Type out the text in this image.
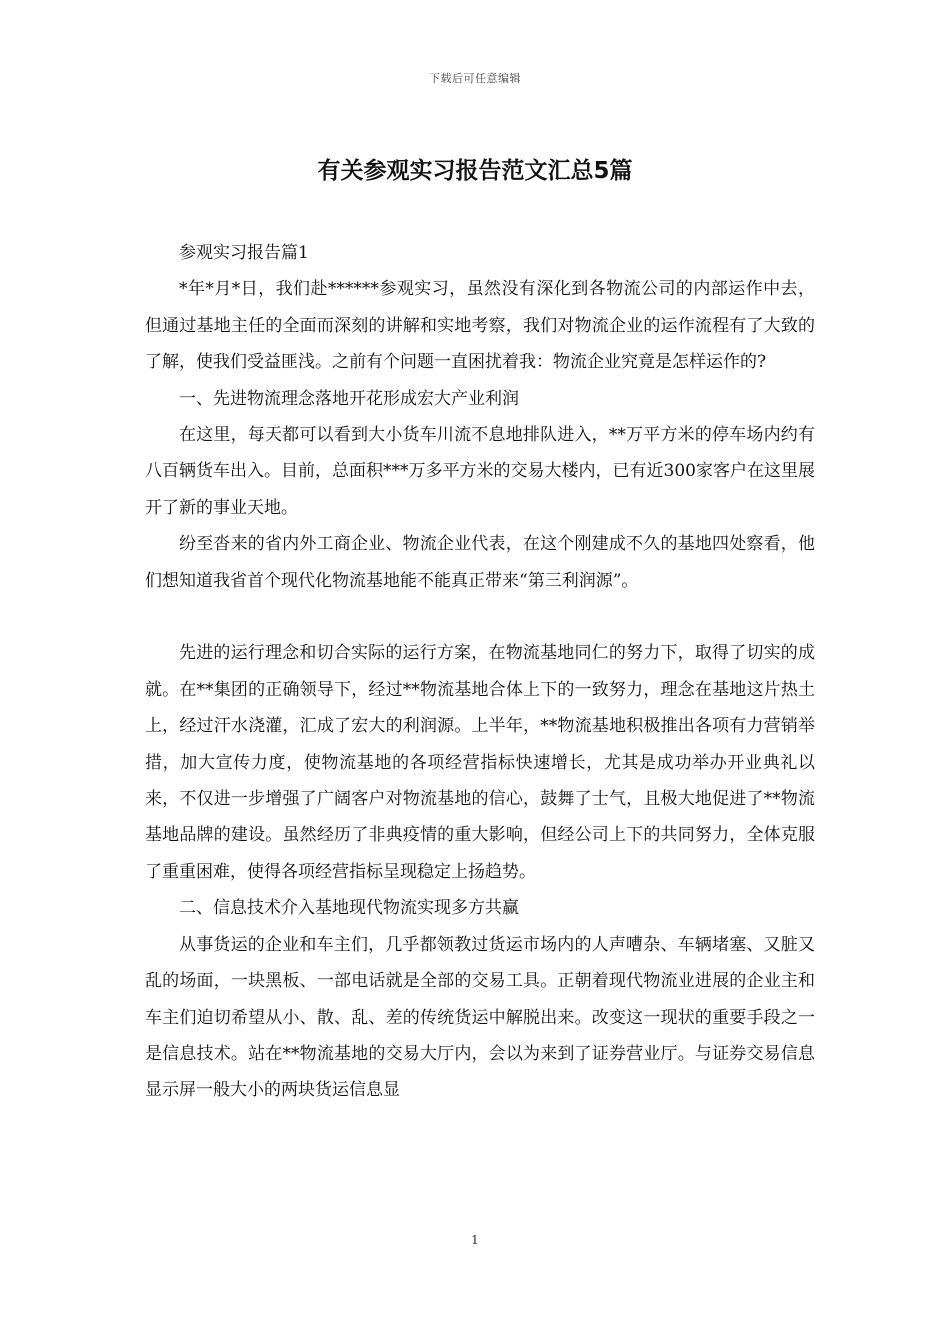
下载后可任意编辑
有关参观实习报告范文汇总5篇

参观实习报告篇1

*年*月*日，我们赴******参观实习，虽然没有深化到各物流公司的内部运作中去，但通过基地主任的全面而深刻的讲解和实地考察，我们对物流企业的运作流程有了大致的了解，使我们受益匪浅。之前有个问题一直困扰着我：物流企业究竟是怎样运作的?

一、先进物流理念落地开花形成宏大产业利润

在这里，每天都可以看到大小货车川流不息地排队进入，**万平方米的停车场内约有八百辆货车出入。目前，总面积***万多平方米的交易大楼内，已有近300家客户在这里展开了新的事业天地。

纷至沓来的省内外工商企业、物流企业代表，在这个刚建成不久的基地四处察看，他们想知道我省首个现代化物流基地能不能真正带来“第三利润源”。

先进的运行理念和切合实际的运行方案，在物流基地同仁的努力下，取得了切实的成就。在**集团的正确领导下，经过**物流基地合体上下的一致努力，理念在基地这片热土上，经过汗水浇灌，汇成了宏大的利润源。上半年，**物流基地积极推出各项有力营销举措，加大宣传力度，使物流基地的各项经营指标快速增长，尤其是成功举办开业典礼以来，不仅进一步增强了广阔客户对物流基地的信心，鼓舞了士气，且极大地促进了**物流基地品牌的建设。虽然经历了非典疫情的重大影响，但经公司上下的共同努力，全体克服了重重困难，使得各项经营指标呈现稳定上扬趋势。

二、信息技术介入基地现代物流实现多方共赢

从事货运的企业和车主们，几乎都领教过货运市场内的人声嘈杂、车辆堵塞、又脏又乱的场面，一块黑板、一部电话就是全部的交易工具。正朝着现代物流业进展的企业主和车主们迫切希望从小、散、乱、差的传统货运中解脱出来。改变这一现状的重要手段之一是信息技术。站在**物流基地的交易大厅内，会以为来到了证券营业厅。与证券交易信息显示屏一般大小的两块货运信息显

1
